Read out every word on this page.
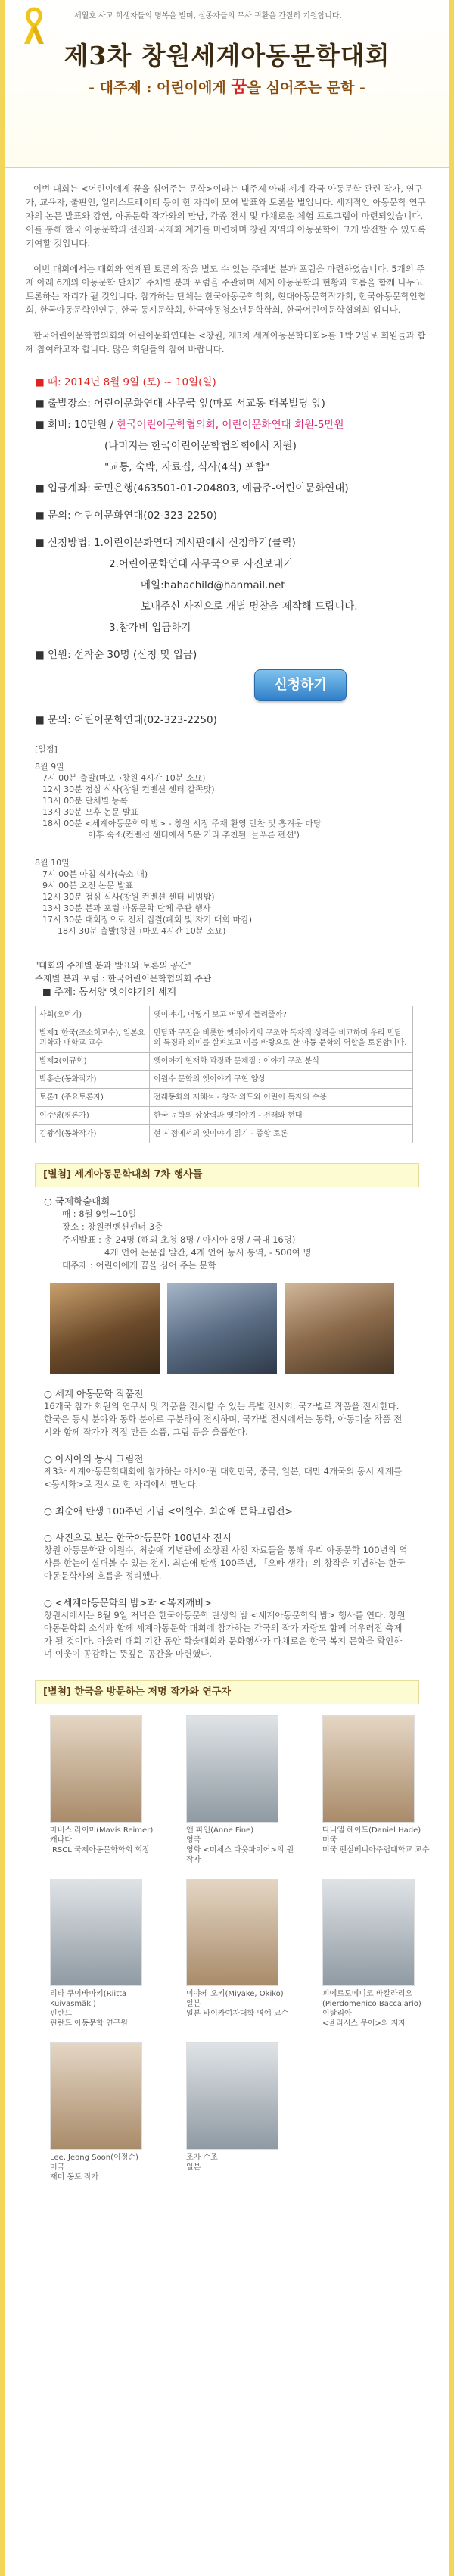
세월호 사고 희생자들의 명복을 빌며, 실종자들의 무사 귀환을 간절히 기원합니다.
제3차 창원세계아동문학대회
- 대주제 : 어린이에게 꿈을 심어주는 문학 -

이번 대회는 <어린이에게 꿈을 심어주는 문학>이라는 대주제 아래 세계 각국 아동문학 관련 작가, 연구가, 교육자, 출판인, 일러스트레이터 등이 한 자리에 모여 발표와 토론을 벌입니다. 세계적인 아동문학 연구자의 논문 발표와 강연, 아동문학 작가와의 만남, 각종 전시 및 다채로운 체험 프로그램이 마련되었습니다. 이를 통해 한국 아동문학의 선진화·국제화 계기를 마련하며 창원 지역의 아동문학이 크게 발전할 수 있도록 기여할 것입니다.

이번 대회에서는 대회와 연계된 토론의 장을 별도 수 있는 주제별 분과 포럼을 마련하였습니다. 5개의 주제 아래 6개의 아동문학 단체가 주체별 분과 포럼을 주관하며 세계 아동문학의 현황과 흐름을 함께 나누고 토론하는 자리가 될 것입니다. 참가하는 단체는 한국아동문학학회, 현대아동문학작가회, 한국아동문학인협회, 한국아동문학인연구, 한국 동시문학회, 한국아동청소년문학학회, 한국어린이문학협의회 입니다.

한국어린이문학협의회와 어린이문화연대는 <창원, 제3차 세계아동문학대회>를 1박 2일로 회원들과 함께 참여하고자 합니다. 많은 회원들의 참여 바랍니다.

■ 때: 2014년 8월 9일 (토) ~ 10일(일)
■ 출발장소: 어린이문화연대 사무국 앞(마포 서교동 태복빌딩 앞)
■ 회비: 10만원 / 한국어린이문학협의회, 어린이문화연대 회원-5만원
(나머지는 한국어린이문학협의회에서 지원)
"교통, 숙박, 자료집, 식사(4식) 포함"
■ 입금계좌: 국민은행(463501-01-204803, 예금주-어린이문화연대)
■ 문의: 어린이문화연대(02-323-2250)
■ 신청방법: 1.어린이문화연대 게시판에서 신청하기(클릭)
2.어린이문화연대 사무국으로 사진보내기
메일:hahachild@hanmail.net
보내주신 사진으로 개별 명찰을 제작해 드립니다.
3.참가비 입금하기
■ 인원: 선착순 30명 (신청 및 입금)
신청하기
■ 문의: 어린이문화연대(02-323-2250)
[일정]
8월 9일
7시 00분 출발(마포→창원 4시간 10분 소요)
12시 30분 점심 식사(창원 컨벤션 센터 같쪽맛)
13시 00분 단체별 등록
13시 30분 오후 논문 발표
18시 00분 <세계아동문학의 밤> - 창원 시장 주재 환영 만찬 및 흥겨운 마당
이후 숙소(컨벤션 센터에서 5분 거리 추천된 '늘푸른 펜션')
8월 10일
7시 00분 아침 식사(숙소 내)
9시 00분 오전 논문 발표
12시 30분 점심 식사(창원 컨벤션 센터 비빔밥)
13시 30분 분과 포럼 아동문학 단체 주관 행사
17시 30분 대회장으로 전체 집결(폐회 및 자기 대회 마감)
18시 30분 출발(창원→마포 4시간 10분 소요)
"대회의 주제별 분과 발표와 토론의 공간"
주제별 분과 포럼 : 한국어린이문학협의회 주관
■ 주제: 동서양 옛이야기의 세계
사회(오덕기)	옛이야기, 어떻게 보고 어떻게 들려줄까?
발제1 한국(조소희교수), 일본요괴학과 대학교 교수	민담과 구전을 비롯한 옛이야기의 구조와 독자적 성격을 비교하며 우리 민담의 특징과 의미를 살펴보고 이를 바탕으로 한 아동 문학의 역할을 토론합니다.
발제2(이규희)	옛이야기 현재화 과정과 문제점 : 이야기 구조 분석
박홍순(동화작가)	이원수 문학의 옛이야기 구현 양상
토론1 (주요토론자)	전래동화의 재해석 - 창작 의도와 어린이 독자의 수용
이주영(평론가)	한국 문학의 상상력과 옛이야기 - 전래와 현대
김왕식(동화작가)	현 시점에서의 옛이야기 읽기 - 종합 토론
[별첨] 세계아동문학대회 7차 행사들
○ 국제학술대회
때 : 8월 9일~10일
장소 : 창원컨벤션센터 3층
주제발표 : 총 24명 (해외 초청 8명 / 아시아 8명 / 국내 16명)
4개 언어 논문집 발간, 4개 언어 동시 통역, - 500여 명
대주제 : 어린이에게 꿈을 심어 주는 문학
○ 세계 아동문학 작품전
16개국 참가 회원의 연구서 및 작품을 전시할 수 있는 특별 전시회. 국가별로 작품을 전시한다. 한국은 동시 분야와 동화 분야로 구분하여 전시하며, 국가별 전시에서는 동화, 아동미술 작품 전시와 함께 작가가 직접 만든 소품, 그림 등을 출품한다.
○ 아시아의 동시 그림전
제3차 세계아동문학대회에 참가하는 아시아권 대한민국, 중국, 일본, 대만 4개국의 동시 세계를 <동시화>로 전시로 한 자리에서 만난다.
○ 최순애 탄생 100주년 기념 <이원수, 최순애 문학그림전>
○ 사진으로 보는 한국아동문학 100년사 전시
창원 아동문학관 이원수, 최순애 기념관에 소장된 사진 자료들을 통해 우리 아동문학 100년의 역사를 한눈에 살펴볼 수 있는 전시. 최순애 탄생 100주년, 「오빠 생각」의 창작을 기념하는 한국 아동문학사의 흐름을 정리했다.
○ <세계아동문학의 밤>과 <복지깨비>
창원시에서는 8월 9일 저녁은 한국아동문학 탄생의 밤 <세계아동문학의 밤> 행사를 연다. 창원아동문학회 소식과 함께 세계아동문학 대회에 참가하는 각국의 작가 자랑도 함께 어우러진 축제가 될 것이다. 아울러 대회 기간 동안 학술대회와 문화행사가 다채로운 한국 복지 문학을 확인하며 이웃이 공감하는 뜻깊은 공간을 마련했다.
[별첨] 한국을 방문하는 저명 작가와 연구자
마비스 라이머(Mavis Reimer)
캐나다
IRSCL 국제아동문학학회 회장
앤 파인(Anne Fine)
영국
영화 <미세스 다웃파이어>의 원작자
다니엘 헤이드(Daniel Hade)
미국
미국 펜실베니아주립대학교 교수
리타 쿠이바마키(Riitta Kuivasmäki)
핀란드
핀란드 아동문학 연구원
미야케 오키(Miyake, Okiko)
일본
일본 바이카여자대학 명예 교수
피에르도메니코 바칼라리오(Pierdomenico Baccalario)
이탈리아
<율리시스 무어>의 저자
Lee, Jeong Soon(이정순)
미국
재미 동포 작가
조가 수조
일본
